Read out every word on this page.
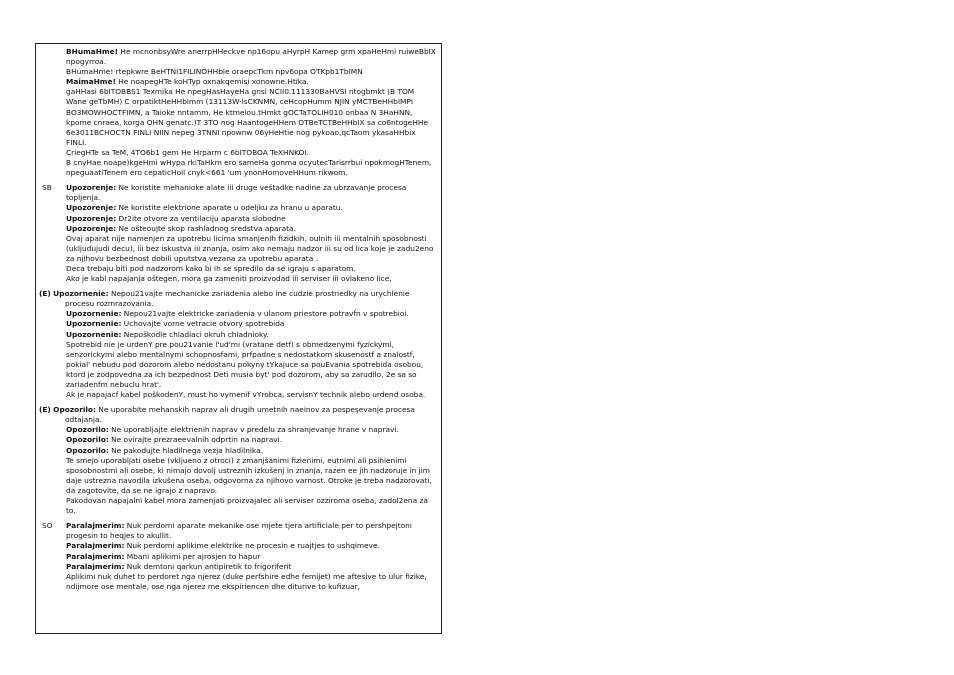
BHumaHme! He mcnonbsyWre anerrpHHeckve np16opu aHyrpH Kamep grm xpaHeHmi ruiweBbIX npogyrroa.
BHumaHme! rtepkwre BeHTNI1FILINOHHble oraepcTkm npv6opa OTKpb1TbIMN
MaimaHme! He noapegHTe koHTyp oxnakqemisi xonowne.Htika.
gaHHasi 6bITOBBS1 Texmika He npegHasHayeHa gnsi NCII0.111330BaHVSI ntogbmkt (B TOM Wane geTbMH) C orpatiktHeHHbimm (13113W-lsCKNMN, ceHcopHumm NJIN yMCTBeHHbIMPI BO3MOWHOCTFIMN, a Taioke nntamm, He ktmeiou.tHmkt gOCTaTOLIH010 onbaa N 3HaHNN, kpome cnraea, korga OHN genatc.)T 3TO nog HaantogeHHem OTBeTCTBeHHbIX sa co6ntogeHHe 6e3011BCHOCTN FINLI NIIN nepeg 3TNNI npownw 06yHeHtie nog pykoao,qcTaom ykasaHHbix FINLI.
CriegHTe sa TeM, 4TO6b1 gem He Hrparm c 6bITOBOA TeXHNKOI.
B cnyHae noape)kgeHmi wHypa rkiTaHkm ero sameHa gonma ocyutecTarisrrbui npokmogHTenem, npeguaatiTenem ero cepaticHoil cnyk<661 'um ynonHomoveHHum rikwom.
SB Upozorenje: Ne koristite mehanioke alate iii druge veštadke nadine za ubrzavanje procesa topljenja.
Upozorenje: Ne koristite elektrione aparate u odeljku za hranu u aparatu.
Upozorenje: Dr2ite otvore za ventilaciju aparata slobodne
Upozorenje: Ne ošteoujte skop rashladnog sredstva aparata.
Ovaj aparat nije namenjen za upotrebu licima smanjenih fizidkih, oulnih iii mentalnih sposobnosti (ukljudujudi decu), iii bez iskustva iii znanja, osim ako nemaju nadzor iii su od lica koje je zadu2eno za njihovu bezbednost dobili uputstva vezana za upotrebu aparata .
Deca trebaju biti pod nadzorom kako bi ih se spredilo da se igraju s aparatom.
Ako je kabl napajanja oštegen, mora ga zameniti proizvodad iii serviser iii ovlakeno lice.
(E) Upozornenie: Nepou21vajte mechanicke zariadenia alebo ine cudzie prostriedky na urychlenie procesu rozmrazovania.
Upozornenie: Nepou21vajte elektricke zariadenia v ulanom priestore potravfn v spotrebioi.
Upozornenie: Uchovajte vorne vetracie otvory spotrebida
Upozornenie: Nepoškodle chladiaci okruh chladnioky.
Spotrebid nie je urdenY pre pou21vanie l'ud'mi (vratane detf) s obmedzenymi fyzickymi, senzorickymi alebo mentalnymi schopnosfami, prfpadne s nedostatkom skusenostf a znalostf, pokial' nebudu pod dozorom alebo nedostanu pokyny tYkajuce sa pouEvania spotrebida osobou, ktord je zodpovedna za ich bezpednost Deti musia byt' pod dozorom, aby sa zarudilo, 2e sa so zariadenfm nebuclu hrat'.
Ak je napajacf kabel poškodenY, must ho vymenif vYrobca, servisnY technik alebo urdend osoba.
(E) Opozorilo: Ne uporabite mehanskih naprav ali drugih umetnih naeinov za pospeşevanje procesa odtajanja.
Opozorilo: Ne uporabljajte elektrienih naprav v predelu za shranjevanje hrane v napravi.
Opozorilo: Ne ovirajte prezraeevalnih odprtin na napravi.
Opozorilo: Ne pakodujte hladilnega vezja hladilnika.
Te smejo uporabljati osebe (vkljueno z otroci) z zmanjšanimi fizienimi, eutnimi ali psihienimi sposobnostmi ali osebe, ki nimajo dovolj ustreznih izkušenj in znanja, razen ee jih nadzoruje in jim daje ustrezna navodila izkušena oseba, odgovorna za njihovo varnost. Otroke je treba nadzorovati, da zagotovite, da se ne igrajo z napravo.
Pakodovan napajalni kabel mora zamenjati proizvajalec ali serviser ozziroma oseba, zadol2ena za to.
SO Paralajmerim: Nuk perdorni aparate mekanike ose mjete tjera artificiale per to pershpejtoni progesin to heqjes to akullit.
Paralajmerim: Nuk perdorni aplikime elektrike ne procesin e ruajtjes to ushqimeve.
Paralajmerim: Mbani aplikimi per ajrosjen to hapur
Paralajmerim: Nuk demtoni qarkun antipiretik to frigoriferit
Aplikimi nuk duhet to perdoret nga njerez (duke perfshire edhe femijet) me aftesive to ulur fizike, ndijmore ose mentale, ose nga njerez me ekspiriencen dhe diturive to kufizuar,
